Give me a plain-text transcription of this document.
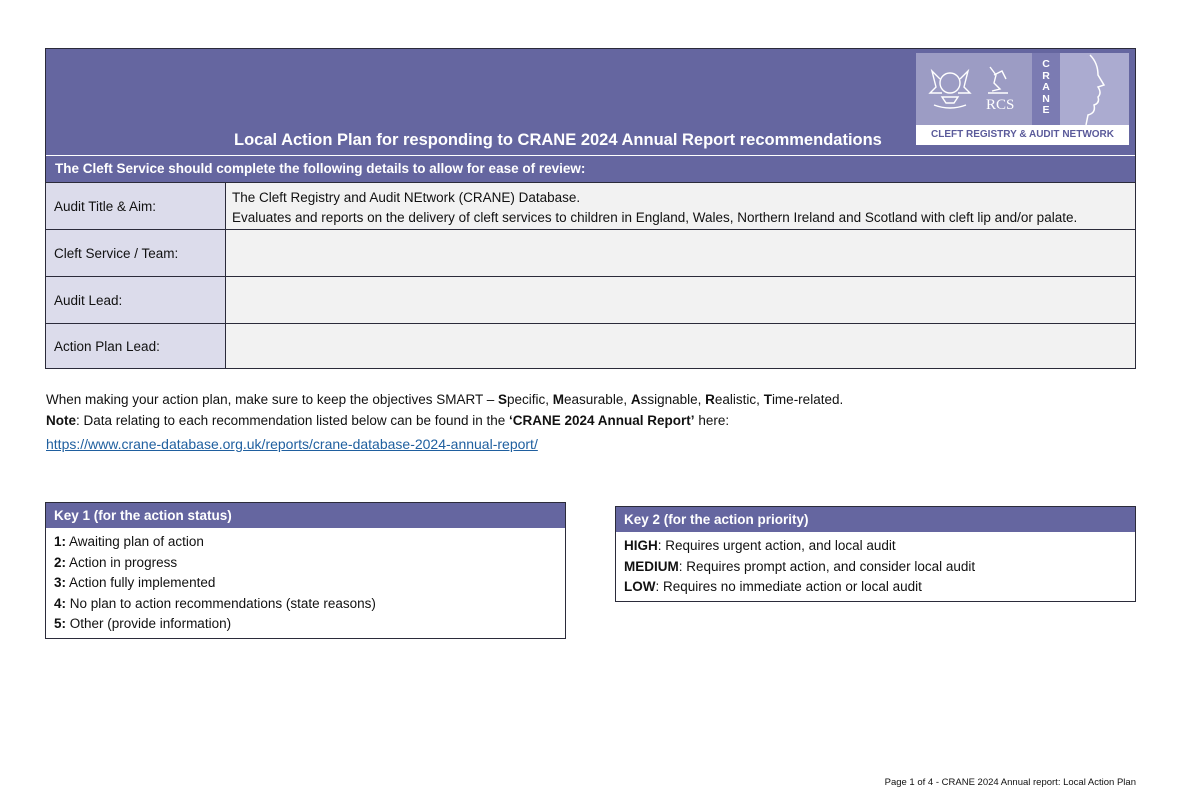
Local Action Plan for responding to CRANE 2024 Annual Report recommendations
RCS
C
R
A
N
E
CLEFT REGISTRY & AUDIT NETWORK
The Cleft Service should complete the following details to allow for ease of review:
Audit Title & Aim:
The Cleft Registry and Audit NEtwork (CRANE) Database.
Evaluates and reports on the delivery of cleft services to children in England, Wales, Northern Ireland and Scotland with cleft lip and/or palate.
Cleft Service / Team:
Audit Lead:
Action Plan Lead:
When making your action plan, make sure to keep the objectives SMART – Specific, Measurable, Assignable, Realistic, Time-related.
Note: Data relating to each recommendation listed below can be found in the ‘CRANE 2024 Annual Report’ here:
https://www.crane-database.org.uk/reports/crane-database-2024-annual-report/
Key 1 (for the action status)
1: Awaiting plan of action
2: Action in progress
3: Action fully implemented
4: No plan to action recommendations (state reasons)
5: Other (provide information)
Key 2 (for the action priority)
HIGH: Requires urgent action, and local audit
MEDIUM: Requires prompt action, and consider local audit
LOW: Requires no immediate action or local audit
Page 1 of 4 - CRANE 2024 Annual report: Local Action Plan
